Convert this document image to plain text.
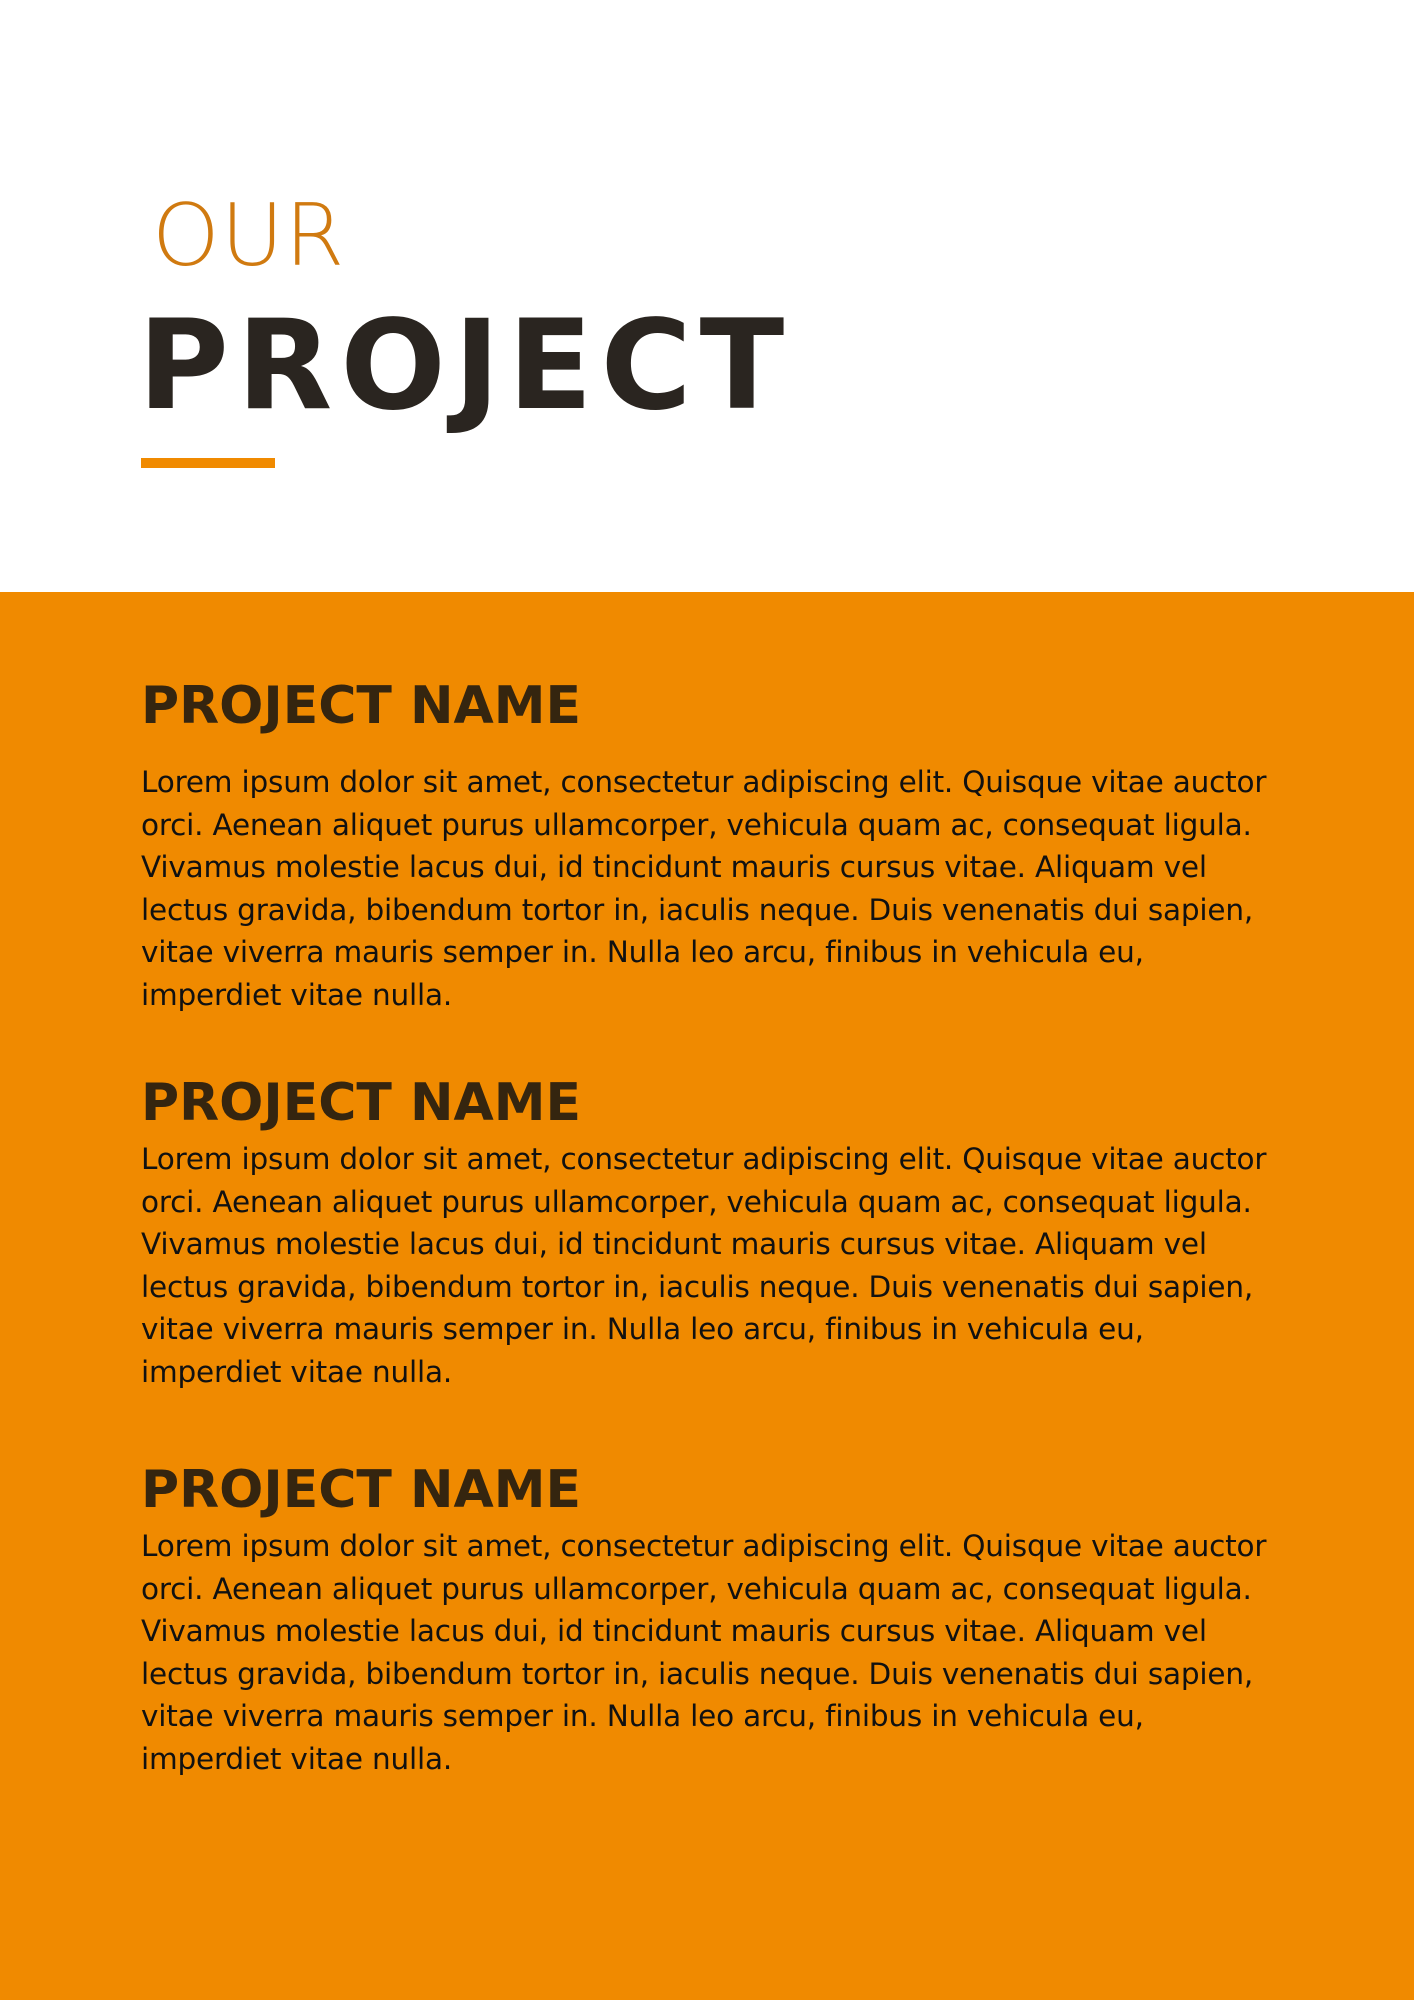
OUR
PROJECT
PROJECT NAME

Lorem ipsum dolor sit amet, consectetur adipiscing elit. Quisque vitae auctor orci. Aenean aliquet purus ullamcorper, vehicula quam ac, consequat ligula. Vivamus molestie lacus dui, id tincidunt mauris cursus vitae. Aliquam vel lectus gravida, bibendum tortor in, iaculis neque. Duis venenatis dui sapien, vitae viverra mauris semper in. Nulla leo arcu, finibus in vehicula eu, imperdiet vitae nulla.

PROJECT NAME

Lorem ipsum dolor sit amet, consectetur adipiscing elit. Quisque vitae auctor orci. Aenean aliquet purus ullamcorper, vehicula quam ac, consequat ligula. Vivamus molestie lacus dui, id tincidunt mauris cursus vitae. Aliquam vel lectus gravida, bibendum tortor in, iaculis neque. Duis venenatis dui sapien, vitae viverra mauris semper in. Nulla leo arcu, finibus in vehicula eu, imperdiet vitae nulla.

PROJECT NAME

Lorem ipsum dolor sit amet, consectetur adipiscing elit. Quisque vitae auctor orci. Aenean aliquet purus ullamcorper, vehicula quam ac, consequat ligula. Vivamus molestie lacus dui, id tincidunt mauris cursus vitae. Aliquam vel lectus gravida, bibendum tortor in, iaculis neque. Duis venenatis dui sapien, vitae viverra mauris semper in. Nulla leo arcu, finibus in vehicula eu, imperdiet vitae nulla.
